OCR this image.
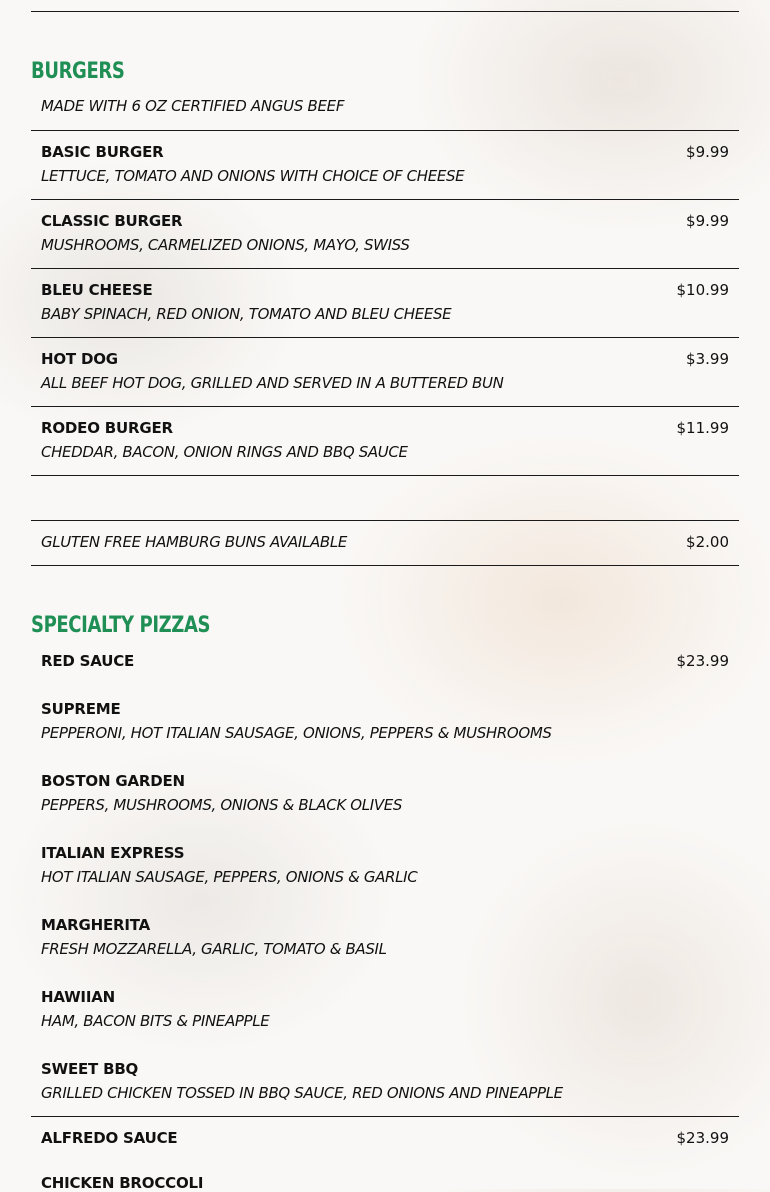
BURGERS
MADE WITH 6 OZ CERTIFIED ANGUS BEEF
BASIC BURGER	$9.99
LETTUCE, TOMATO AND ONIONS WITH CHOICE OF CHEESE
CLASSIC BURGER	$9.99
MUSHROOMS, CARMELIZED ONIONS, MAYO, SWISS
BLEU CHEESE	$10.99
BABY SPINACH, RED ONION, TOMATO AND BLEU CHEESE
HOT DOG	$3.99
ALL BEEF HOT DOG, GRILLED AND SERVED IN A BUTTERED BUN
RODEO BURGER	$11.99
CHEDDAR, BACON, ONION RINGS AND BBQ SAUCE
GLUTEN FREE HAMBURG BUNS AVAILABLE	$2.00
SPECIALTY PIZZAS
RED SAUCE	$23.99
SUPREME
PEPPERONI, HOT ITALIAN SAUSAGE, ONIONS, PEPPERS & MUSHROOMS
BOSTON GARDEN
PEPPERS, MUSHROOMS, ONIONS & BLACK OLIVES
ITALIAN EXPRESS
HOT ITALIAN SAUSAGE, PEPPERS, ONIONS & GARLIC
MARGHERITA
FRESH MOZZARELLA, GARLIC, TOMATO & BASIL
HAWIIAN
HAM, BACON BITS & PINEAPPLE
SWEET BBQ
GRILLED CHICKEN TOSSED IN BBQ SAUCE, RED ONIONS AND PINEAPPLE
ALFREDO SAUCE	$23.99
CHICKEN BROCCOLI
